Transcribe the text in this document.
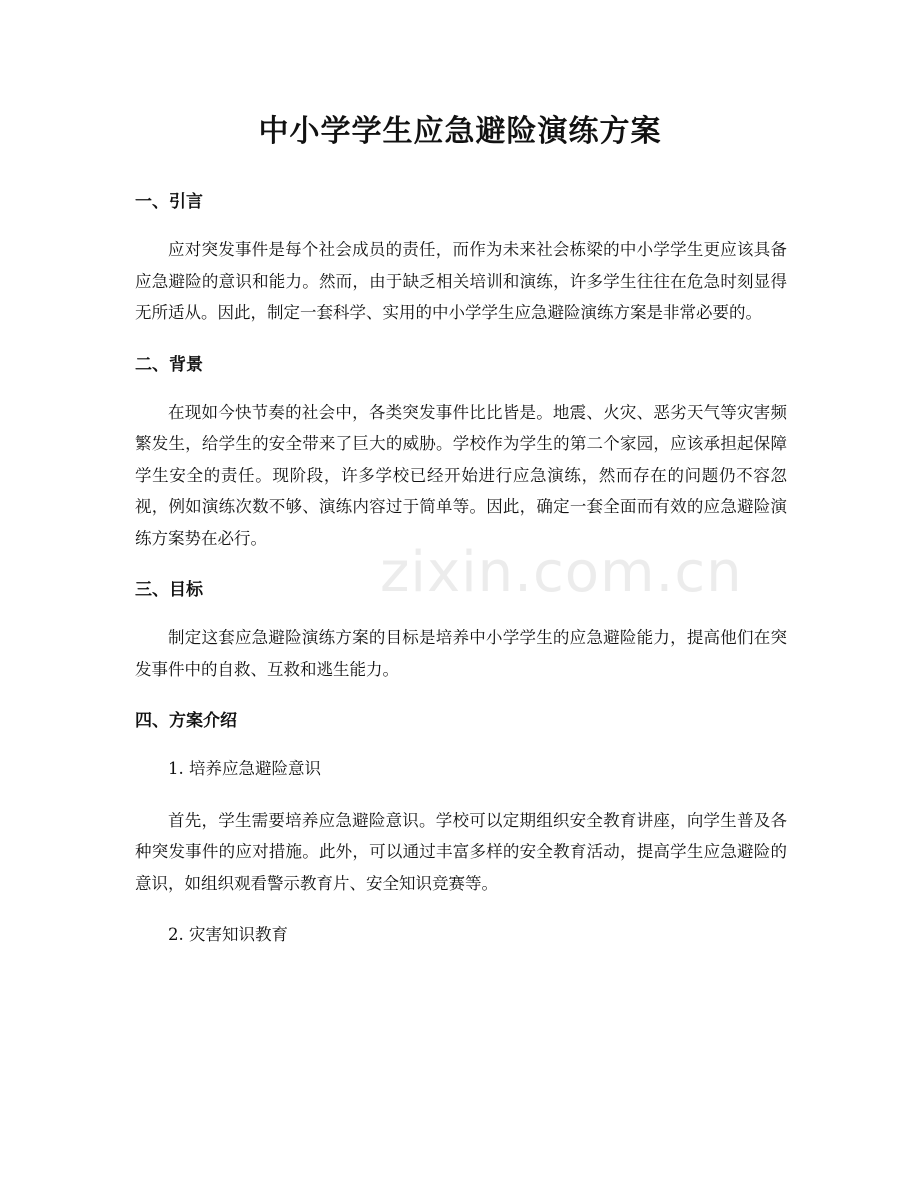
中小学学生应急避险演练方案
一、引言

应对突发事件是每个社会成员的责任，而作为未来社会栋梁的中小学学生更应该具备应急避险的意识和能力。然而，由于缺乏相关培训和演练，许多学生往往在危急时刻显得无所适从。因此，制定一套科学、实用的中小学学生应急避险演练方案是非常必要的。

二、背景

在现如今快节奏的社会中，各类突发事件比比皆是。地震、火灾、恶劣天气等灾害频繁发生，给学生的安全带来了巨大的威胁。学校作为学生的第二个家园，应该承担起保障学生安全的责任。现阶段，许多学校已经开始进行应急演练，然而存在的问题仍不容忽视，例如演练次数不够、演练内容过于简单等。因此，确定一套全面而有效的应急避险演练方案势在必行。

三、目标

制定这套应急避险演练方案的目标是培养中小学学生的应急避险能力，提高他们在突发事件中的自救、互救和逃生能力。

四、方案介绍

1. 培养应急避险意识

首先，学生需要培养应急避险意识。学校可以定期组织安全教育讲座，向学生普及各种突发事件的应对措施。此外，可以通过丰富多样的安全教育活动，提高学生应急避险的意识，如组织观看警示教育片、安全知识竞赛等。

2. 灾害知识教育

zixin.com.cn
